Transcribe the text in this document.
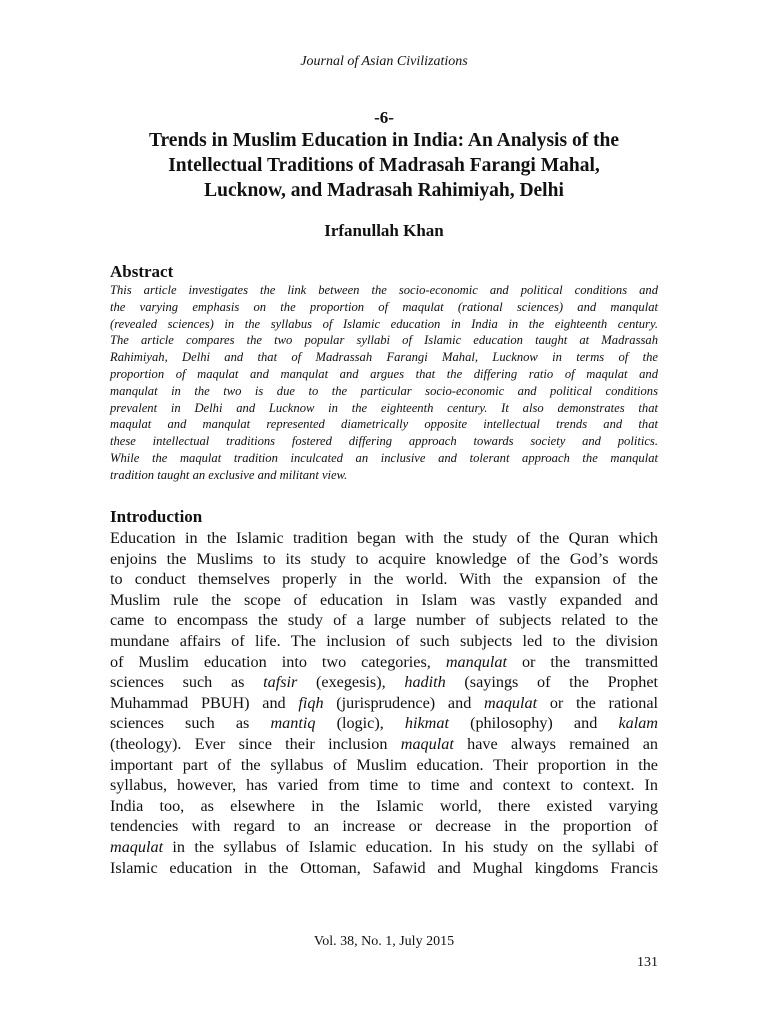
Journal of Asian Civilizations
-6-
Trends in Muslim Education in India: An Analysis of the
Intellectual Traditions of Madrasah Farangi Mahal,
Lucknow, and Madrasah Rahimiyah, Delhi
Irfanullah Khan
Abstract
This article investigates the link between the socio-economic and political conditions and
the varying emphasis on the proportion of maqulat (rational sciences) and manqulat
(revealed sciences) in the syllabus of Islamic education in India in the eighteenth century.
The article compares the two popular syllabi of Islamic education taught at Madrassah
Rahimiyah, Delhi and that of Madrassah Farangi Mahal, Lucknow in terms of the
proportion of maqulat and manqulat and argues that the differing ratio of maqulat and
manqulat in the two is due to the particular socio-economic and political conditions
prevalent in Delhi and Lucknow in the eighteenth century. It also demonstrates that
maqulat and manqulat represented diametrically opposite intellectual trends and that
these intellectual traditions fostered differing approach towards society and politics.
While the maqulat tradition inculcated an inclusive and tolerant approach the manqulat
tradition taught an exclusive and militant view.
Introduction
Education in the Islamic tradition began with the study of the Quran which
enjoins the Muslims to its study to acquire knowledge of the God’s words
to conduct themselves properly in the world. With the expansion of the
Muslim rule the scope of education in Islam was vastly expanded and
came to encompass the study of a large number of subjects related to the
mundane affairs of life. The inclusion of such subjects led to the division
of Muslim education into two categories, manqulat or the transmitted
sciences such as tafsir (exegesis), hadith (sayings of the Prophet
Muhammad PBUH) and fiqh (jurisprudence) and maqulat or the rational
sciences such as mantiq (logic), hikmat (philosophy) and kalam
(theology). Ever since their inclusion maqulat have always remained an
important part of the syllabus of Muslim education. Their proportion in the
syllabus, however, has varied from time to time and context to context. In
India too, as elsewhere in the Islamic world, there existed varying
tendencies with regard to an increase or decrease in the proportion of
maqulat in the syllabus of Islamic education. In his study on the syllabi of
Islamic education in the Ottoman, Safawid and Mughal kingdoms Francis
Vol. 38, No. 1, July 2015
131
